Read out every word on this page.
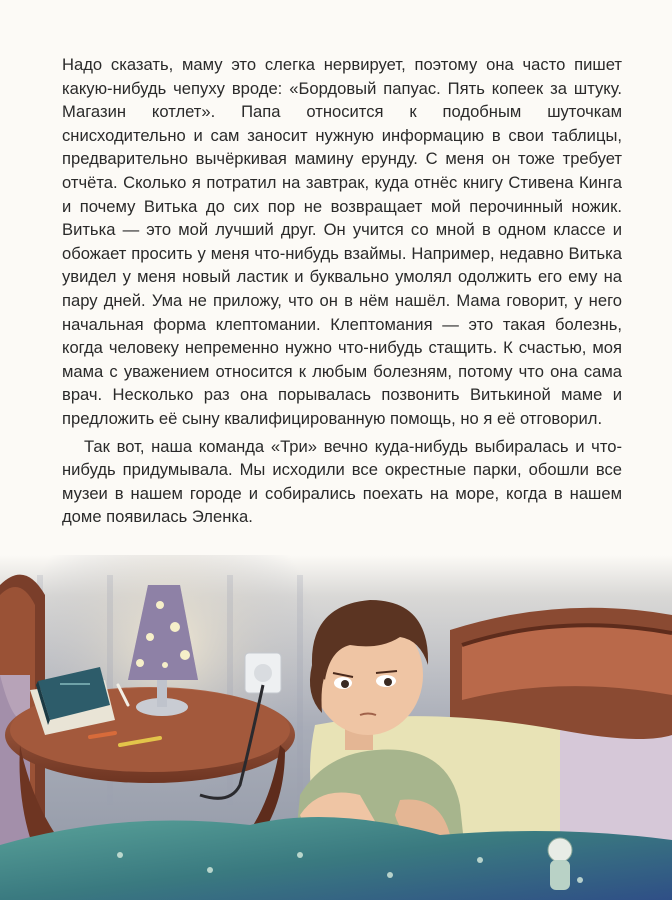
Надо сказать, маму это слегка нервирует, поэтому она часто пишет какую-нибудь чепуху вроде: «Бордовый папуас. Пять копеек за штуку. Магазин котлет». Папа относится к подобным шуточкам снисходительно и сам заносит нужную информацию в свои таблицы, предварительно вычёркивая мамину ерунду. С меня он тоже требует отчёта. Сколько я потратил на завтрак, куда отнёс книгу Стивена Кинга и почему Витька до сих пор не возвращает мой перочинный ножик. Витька — это мой лучший друг. Он учится со мной в одном классе и обожает просить у меня что-нибудь взаймы. Например, недавно Витька увидел у меня новый ластик и буквально умолял одолжить его ему на пару дней. Ума не приложу, что он в нём нашёл. Мама говорит, у него начальная форма клептомании. Клептомания — это такая болезнь, когда человеку непременно нужно что-нибудь стащить. К счастью, моя мама с уважением относится к любым болезням, потому что она сама врач. Несколько раз она порывалась позвонить Витькиной маме и предложить её сыну квалифицированную помощь, но я её отговорил.

Так вот, наша команда «Три» вечно куда-нибудь выбиралась и что-нибудь придумывала. Мы исходили все окрестные парки, обошли все музеи в нашем городе и собирались поехать на море, когда в нашем доме появилась Эленка.
